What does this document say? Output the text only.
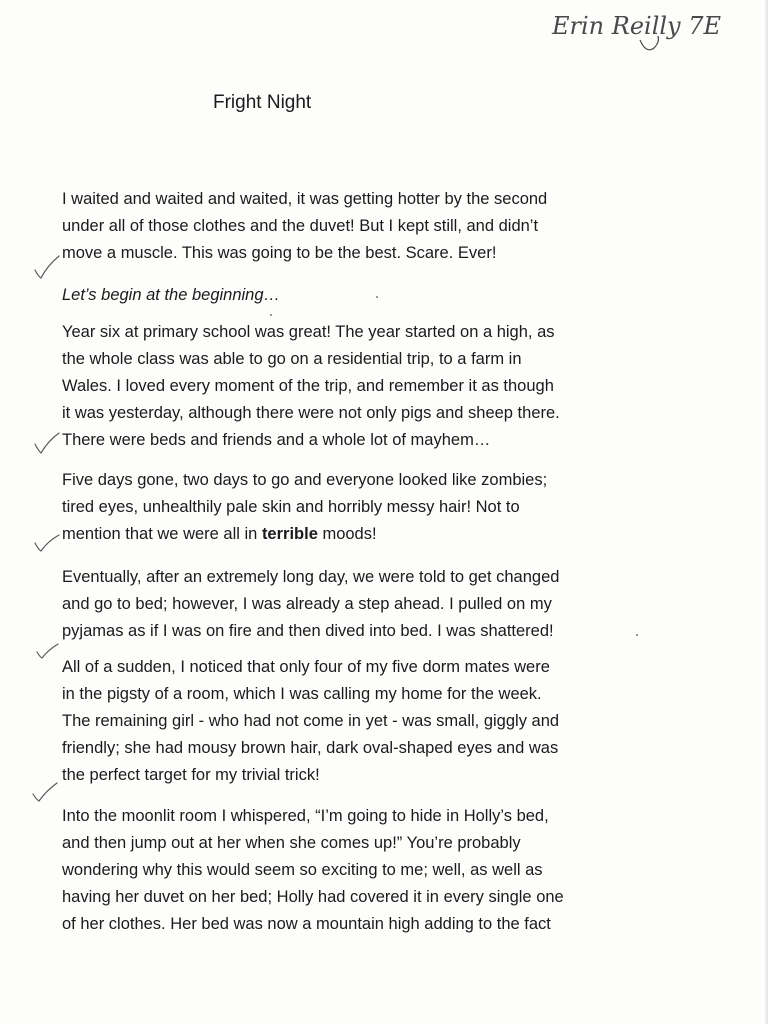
Erin Reilly 7E
Fright Night

I waited and waited and waited, it was getting hotter by the second
under all of those clothes and the duvet! But I kept still, and didn’t
move a muscle. This was going to be the best. Scare. Ever!

Let’s begin at the beginning…

Year six at primary school was great! The year started on a high, as
the whole class was able to go on a residential trip, to a farm in
Wales. I loved every moment of the trip, and remember it as though
it was yesterday, although there were not only pigs and sheep there.
There were beds and friends and a whole lot of mayhem…

Five days gone, two days to go and everyone looked like zombies;
tired eyes, unhealthily pale skin and horribly messy hair! Not to
mention that we were all in terrible moods!

Eventually, after an extremely long day, we were told to get changed
and go to bed; however, I was already a step ahead. I pulled on my
pyjamas as if I was on fire and then dived into bed. I was shattered!

All of a sudden, I noticed that only four of my five dorm mates were
in the pigsty of a room, which I was calling my home for the week.
The remaining girl - who had not come in yet - was small, giggly and
friendly; she had mousy brown hair, dark oval-shaped eyes and was
the perfect target for my trivial trick!

Into the moonlit room I whispered, “I’m going to hide in Holly’s bed,
and then jump out at her when she comes up!” You’re probably
wondering why this would seem so exciting to me; well, as well as
having her duvet on her bed; Holly had covered it in every single one
of her clothes. Her bed was now a mountain high adding to the fact
